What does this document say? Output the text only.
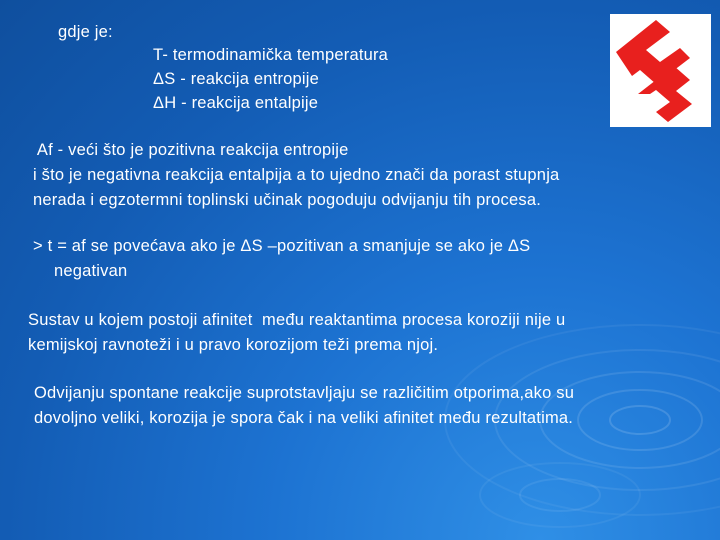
gdje je:
T- termodinamička temperatura
ΔS - reakcija entropije
ΔH - reakcija entalpije
Af - veći što je pozitivna reakcija entropije
i što je negativna reakcija entalpija a to ujedno znači da porast stupnja
nerada i egzotermni toplinski učinak pogoduju odvijanju tih procesa.
> t = af se povećava ako je ΔS –pozitivan a smanjuje se ako je ΔS
negativan
Sustav u kojem postoji afinitet  među reaktantima procesa koroziji nije u
kemijskoj ravnoteži i u pravo korozijom teži prema njoj.
Odvijanju spontane reakcije suprotstavljaju se različitim otporima,ako su
dovoljno veliki, korozija je spora čak i na veliki afinitet među rezultatima.
